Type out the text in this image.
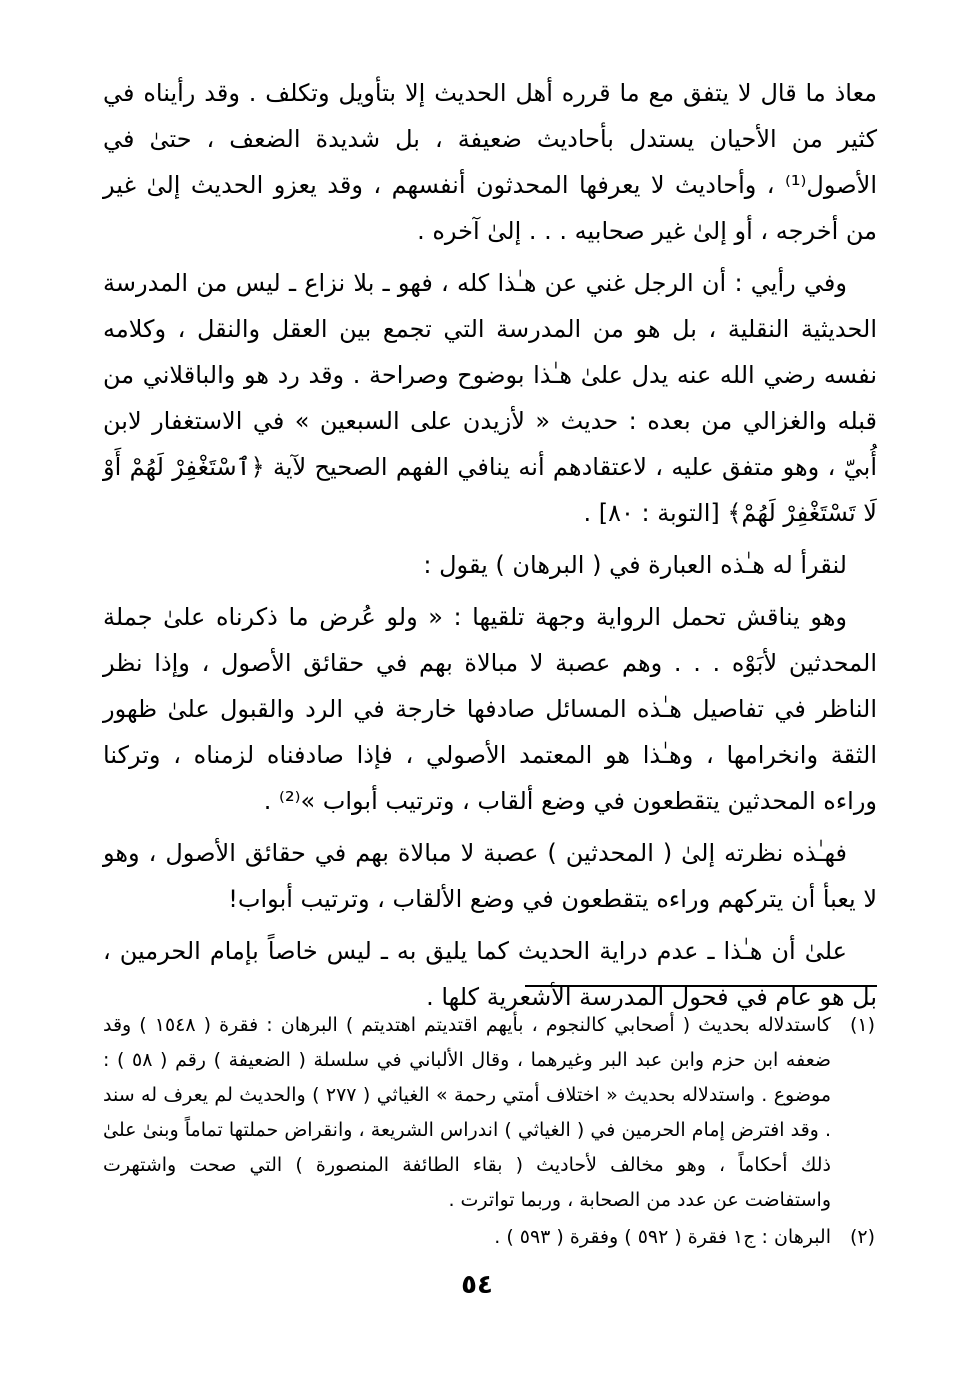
معاذ ما قال لا يتفق مع ما قرره أهل الحديث إلا بتأويل وتكلف . وقد رأيناه في كثير من الأحيان يستدل بأحاديث ضعيفة ، بل شديدة الضعف ، حتىٰ في الأصول⁽¹⁾ ، وأحاديث لا يعرفها المحدثون أنفسهم ، وقد يعزو الحديث إلىٰ غير من أخرجه ، أو إلىٰ غير صحابيه . . . إلىٰ آخره .

وفي رأيي : أن الرجل غني عن هـٰذا كله ، فهو ـ بلا نزاع ـ ليس من المدرسة الحديثية النقلية ، بل هو من المدرسة التي تجمع بين العقل والنقل ، وكلامه نفسه رضي الله عنه يدل علىٰ هـٰذا بوضوح وصراحة . وقد رد هو والباقلاني من قبله والغزالي من بعده : حديث « لأزيدن على السبعين » في الاستغفار لابن أُبيّ ، وهو متفق عليه ، لاعتقادهم أنه ينافي الفهم الصحيح لآية ﴿ٱسْتَغْفِرْ لَهُمْ أَوْ لَا تَسْتَغْفِرْ لَهُمْ﴾ [التوبة : ٨٠] .

لنقرأ له هـٰذه العبارة في ( البرهان ) يقول :

وهو يناقش تحمل الرواية وجهة تلقيها : « ولو عُرض ما ذكرناه علىٰ جملة المحدثين لأبَوْه . . . وهم عصبة لا مبالاة بهم في حقائق الأصول ، وإذا نظر الناظر في تفاصيل هـٰذه المسائل صادفها خارجة في الرد والقبول علىٰ ظهور الثقة وانخرامها ، وهـٰذا هو المعتمد الأصولي ، فإذا صادفناه لزمناه ، وتركنا وراءه المحدثين يتقطعون في وضع ألقاب ، وترتيب أبواب »⁽²⁾ .

فهـٰذه نظرته إلىٰ ( المحدثين ) عصبة لا مبالاة بهم في حقائق الأصول ، وهو لا يعبأ أن يتركهم وراءه يتقطعون في وضع الألقاب ، وترتيب أبواب!

علىٰ أن هـٰذا ـ عدم دراية الحديث كما يليق به ـ ليس خاصاً بإمام الحرمين ، بل هو عام في فحول المدرسة الأشعرية كلها .

(١)
كاستدلاله بحديث ( أصحابي كالنجوم ، بأيهم اقتديتم اهتديتم ) البرهان : فقرة ( ١٥٤٨ ) وقد ضعفه ابن حزم وابن عبد البر وغيرهما ، وقال الألباني في سلسلة ( الضعيفة ) رقم ( ٥٨ ) : موضوع . واستدلاله بحديث « اختلاف أمتي رحمة » الغياثي ( ٢٧٧ ) والحديث لم يعرف له سند . وقد افترض إمام الحرمين في ( الغياثي ) اندراس الشريعة ، وانقراض حملتها تماماً وبنىٰ علىٰ ذلك أحكاماً ، وهو مخالف لأحاديث ( بقاء الطائفة المنصورة ) التي صحت واشتهرت واستفاضت عن عدد من الصحابة ، وربما تواترت .
(٢)
البرهان : ج١ فقرة ( ٥٩٢ ) وفقرة ( ٥٩٣ ) .
٥٤
